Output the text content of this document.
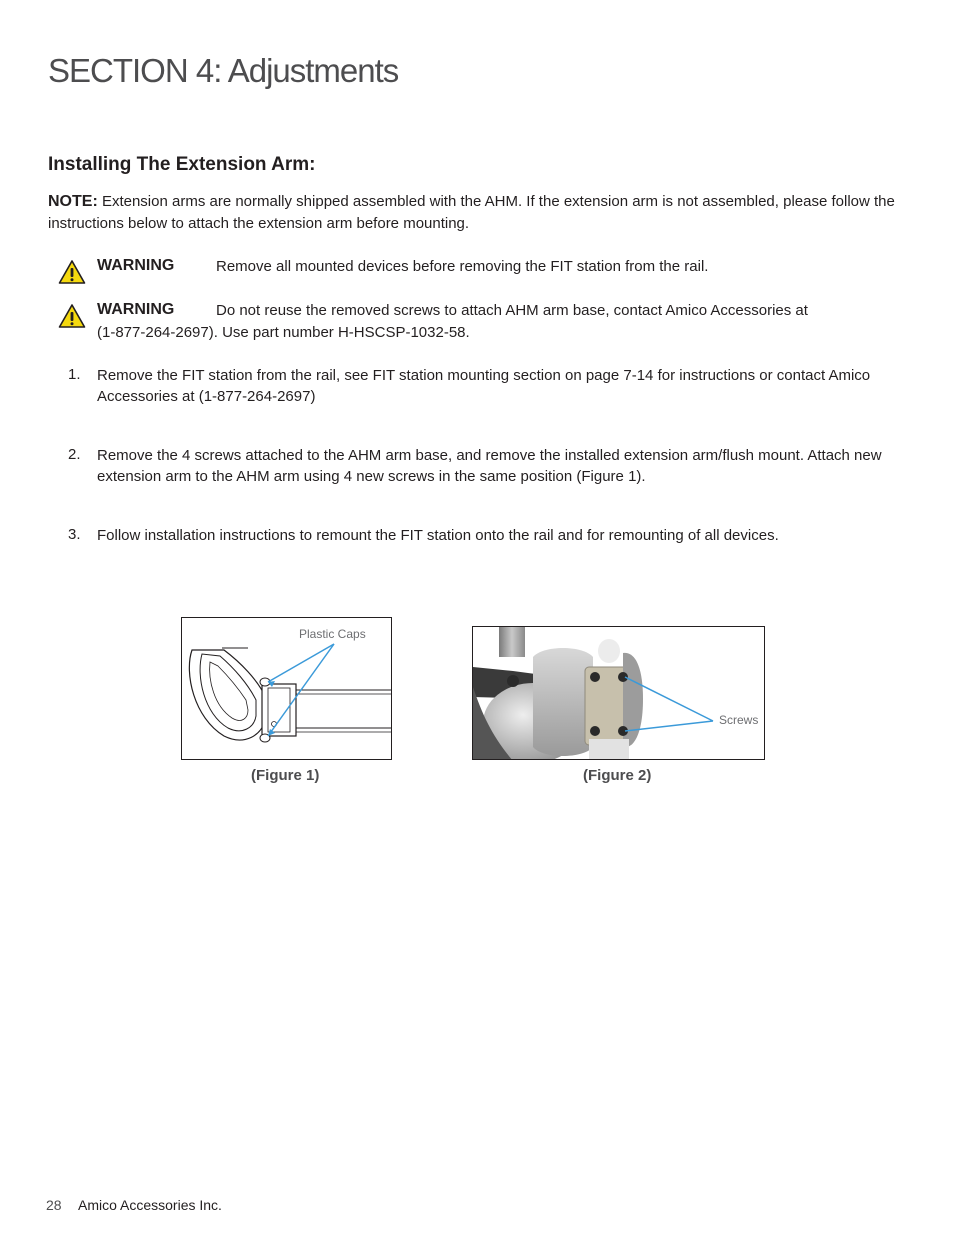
SECTION 4: Adjustments
Installing The Extension Arm:

NOTE: Extension arms are normally shipped assembled with the AHM. If the extension arm is not assembled, please follow the instructions below to attach the extension arm before mounting.

WARNING	Remove all mounted devices before removing the FIT station from the rail.
WARNING	Do not reuse the removed screws to attach AHM arm base, contact Amico Accessories at
(1-877-264-2697). Use part number H-HSCSP-1032-58.
1. Remove the FIT station from the rail, see FIT station mounting section on page 7-14 for instructions or contact Amico Accessories at (1-877-264-2697)
2. Remove the 4 screws attached to the AHM arm base, and remove the installed extension arm/flush mount. Attach new extension arm to the AHM arm using 4 new screws in the same position (Figure 1).
3. Follow installation instructions to remount the FIT station onto the rail and for remounting of all devices.
Plastic Caps
(Figure 1)
Screws
(Figure 2)
28 Amico Accessories Inc.
